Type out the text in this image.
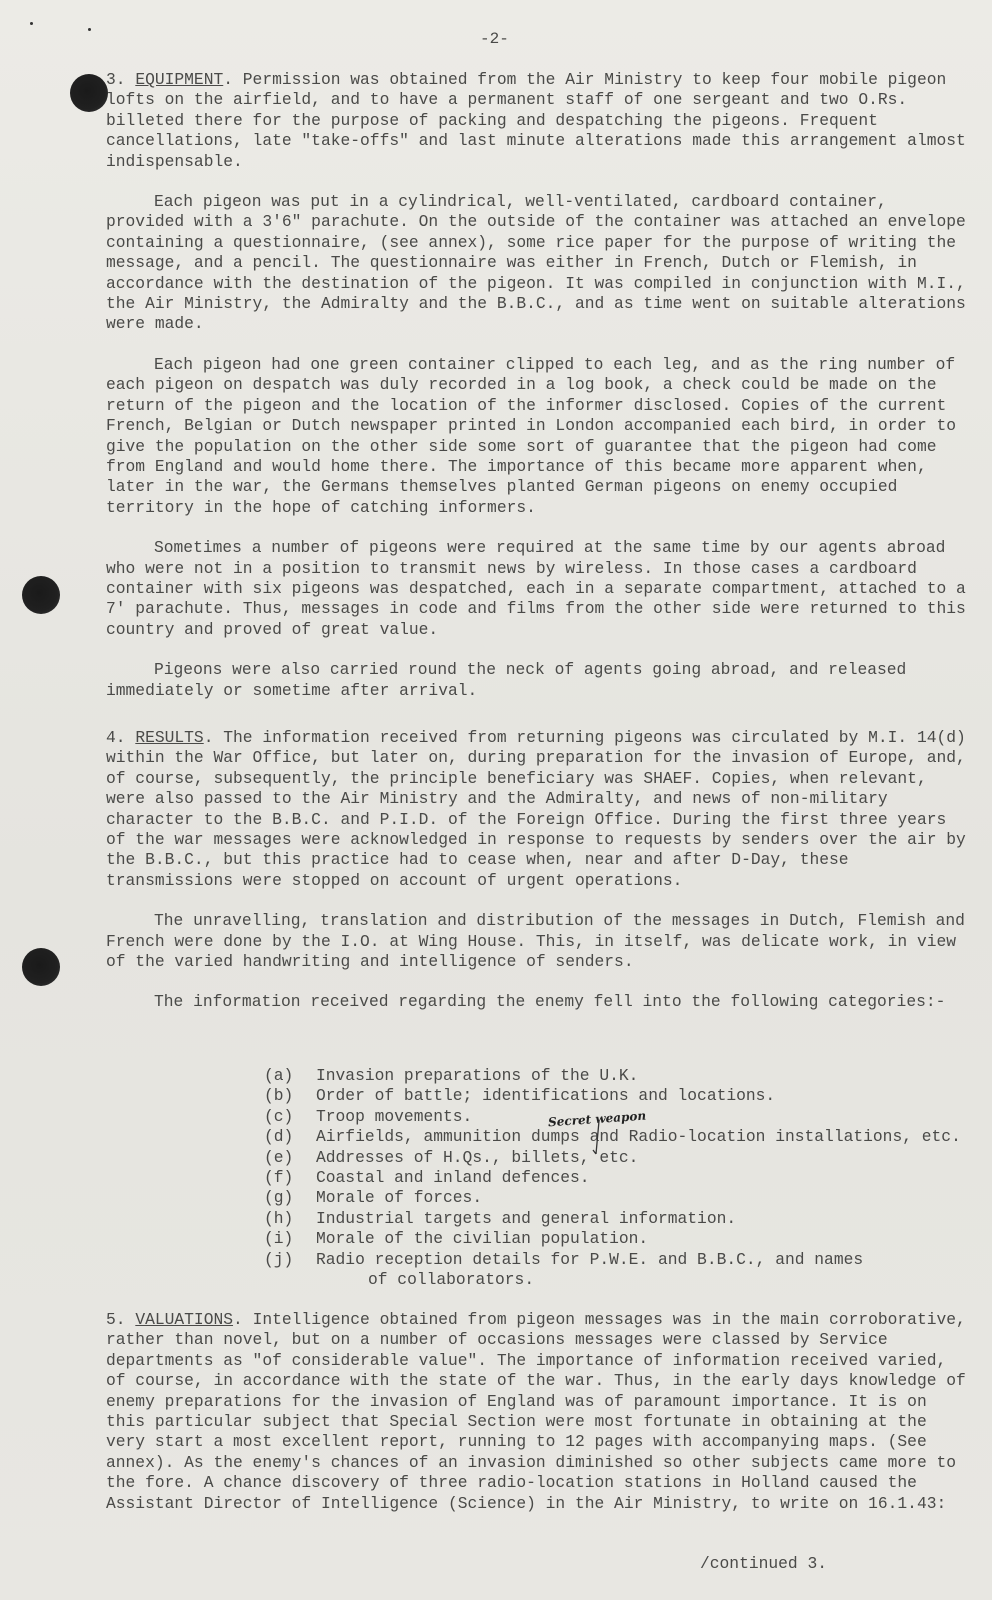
-2-

3. EQUIPMENT. Permission was obtained from the Air Ministry to keep four mobile pigeon lofts on the airfield, and to have a permanent staff of one sergeant and two O.Rs. billeted there for the purpose of packing and despatching the pigeons. Frequent cancellations, late "take-offs" and last minute alterations made this arrangement almost indispensable.

Each pigeon was put in a cylindrical, well-ventilated, cardboard container, provided with a 3'6" parachute. On the outside of the container was attached an envelope containing a questionnaire, (see annex), some rice paper for the purpose of writing the message, and a pencil. The questionnaire was either in French, Dutch or Flemish, in accordance with the destination of the pigeon. It was compiled in conjunction with M.I., the Air Ministry, the Admiralty and the B.B.C., and as time went on suitable alterations were made.

Each pigeon had one green container clipped to each leg, and as the ring number of each pigeon on despatch was duly recorded in a log book, a check could be made on the return of the pigeon and the location of the informer disclosed. Copies of the current French, Belgian or Dutch newspaper printed in London accompanied each bird, in order to give the population on the other side some sort of guarantee that the pigeon had come from England and would home there. The importance of this became more apparent when, later in the war, the Germans themselves planted German pigeons on enemy occupied territory in the hope of catching informers.

Sometimes a number of pigeons were required at the same time by our agents abroad who were not in a position to transmit news by wireless. In those cases a cardboard container with six pigeons was despatched, each in a separate compartment, attached to a 7' parachute. Thus, messages in code and films from the other side were returned to this country and proved of great value.

Pigeons were also carried round the neck of agents going abroad, and released immediately or sometime after arrival.

4. RESULTS. The information received from returning pigeons was circulated by M.I. 14(d) within the War Office, but later on, during preparation for the invasion of Europe, and, of course, subsequently, the principle beneficiary was SHAEF. Copies, when relevant, were also passed to the Air Ministry and the Admiralty, and news of non-military character to the B.B.C. and P.I.D. of the Foreign Office. During the first three years of the war messages were acknowledged in response to requests by senders over the air by the B.B.C., but this practice had to cease when, near and after D-Day, these transmissions were stopped on account of urgent operations.

The unravelling, translation and distribution of the messages in Dutch, Flemish and French were done by the I.O. at Wing House. This, in itself, was delicate work, in view of the varied handwriting and intelligence of senders.

The information received regarding the enemy fell into the following categories:-

(a)	Invasion preparations of the U.K.
(b)	Order of battle; identifications and locations.
(c)	Troop movements.
(d)	Airfields, ammunition dumps and Radio-location installations, etc.
(e)	Addresses of H.Qs., billets, etc.
(f)	Coastal and inland defences.
(g)	Morale of forces.
(h)	Industrial targets and general information.
(i)	Morale of the civilian population.
(j)	Radio reception details for P.W.E. and B.B.C., and names
of collaborators.
Secret weapon

5. VALUATIONS. Intelligence obtained from pigeon messages was in the main corroborative, rather than novel, but on a number of occasions messages were classed by Service departments as "of considerable value". The importance of information received varied, of course, in accordance with the state of the war. Thus, in the early days knowledge of enemy preparations for the invasion of England was of paramount importance. It is on this particular subject that Special Section were most fortunate in obtaining at the very start a most excellent report, running to 12 pages with accompanying maps. (See annex). As the enemy's chances of an invasion diminished so other subjects came more to the fore. A chance discovery of three radio-location stations in Holland caused the Assistant Director of Intelligence (Science) in the Air Ministry, to write on 16.1.43:

/continued 3.
